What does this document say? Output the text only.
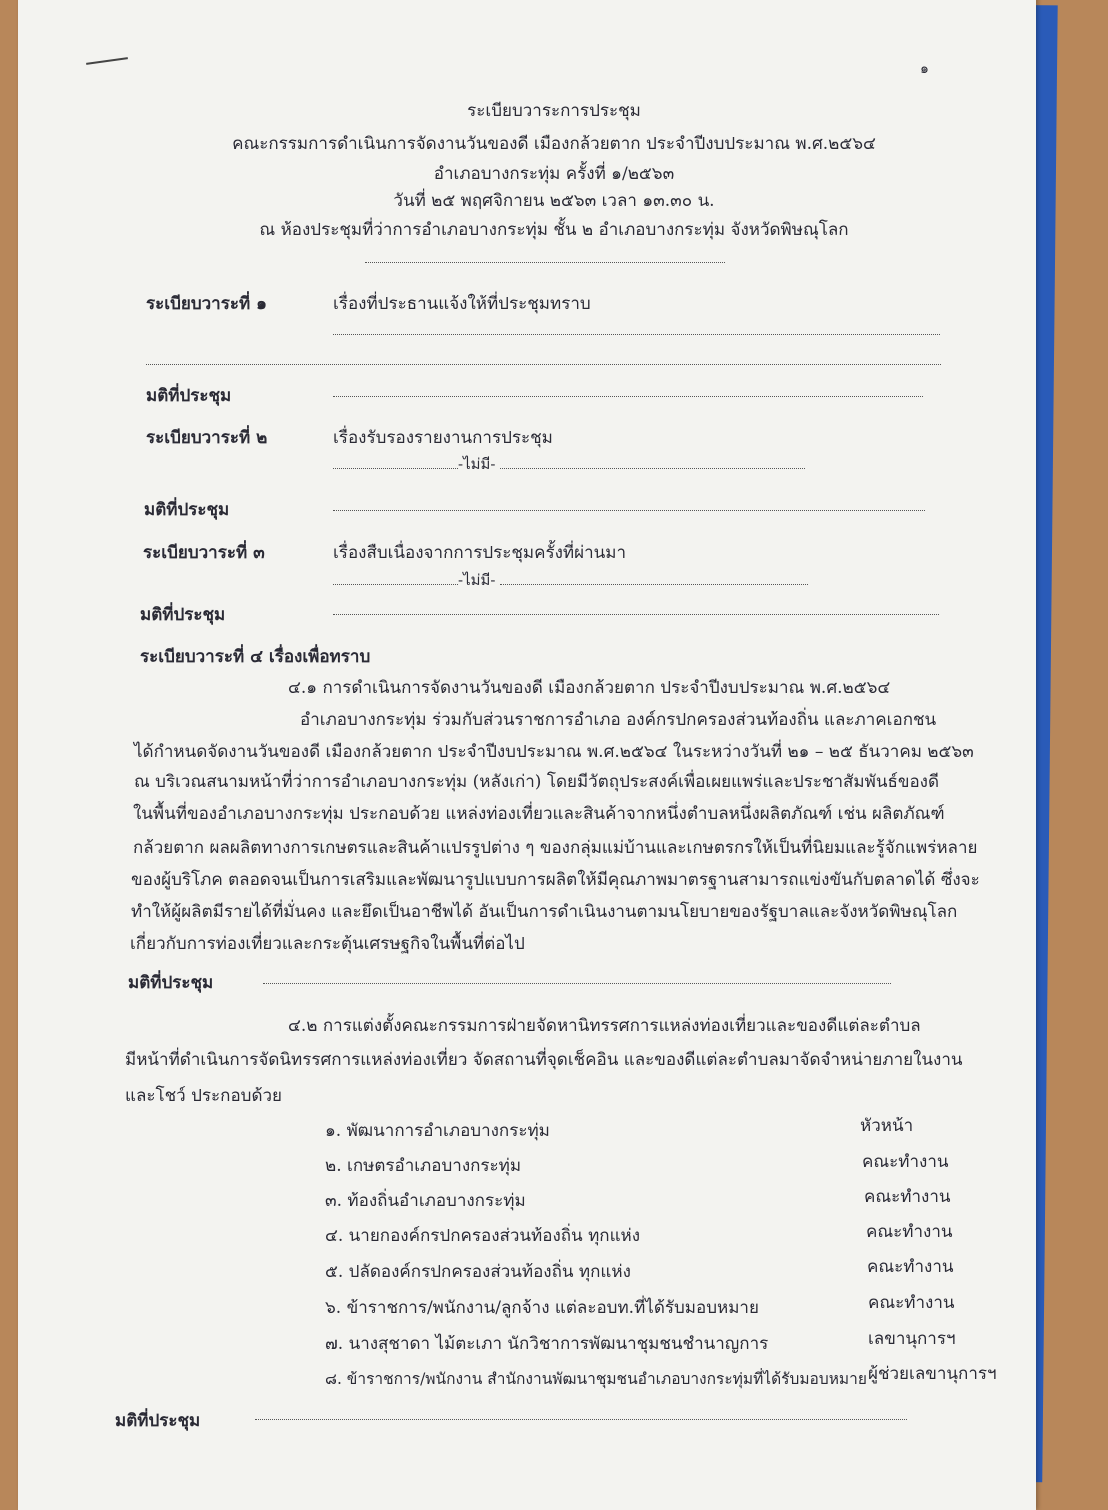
๑
ระเบียบวาระการประชุม
คณะกรรมการดำเนินการจัดงานวันของดี เมืองกล้วยตาก ประจำปีงบประมาณ พ.ศ.๒๕๖๔
อำเภอบางกระทุ่ม ครั้งที่ ๑/๒๕๖๓
วันที่ ๒๕ พฤศจิกายน ๒๕๖๓ เวลา ๑๓.๓๐ น.
ณ ห้องประชุมที่ว่าการอำเภอบางกระทุ่ม ชั้น ๒ อำเภอบางกระทุ่ม จังหวัดพิษณุโลก
ระเบียบวาระที่ ๑	เรื่องที่ประธานแจ้งให้ที่ประชุมทราบ
มติที่ประชุม
ระเบียบวาระที่ ๒	เรื่องรับรองรายงานการประชุม
-ไม่มี-
มติที่ประชุม
ระเบียบวาระที่ ๓	เรื่องสืบเนื่องจากการประชุมครั้งที่ผ่านมา
-ไม่มี-
มติที่ประชุม
ระเบียบวาระที่ ๔ เรื่องเพื่อทราบ
๔.๑ การดำเนินการจัดงานวันของดี เมืองกล้วยตาก ประจำปีงบประมาณ พ.ศ.๒๕๖๔
อำเภอบางกระทุ่ม ร่วมกับส่วนราชการอำเภอ องค์กรปกครองส่วนท้องถิ่น และภาคเอกชน
ได้กำหนดจัดงานวันของดี เมืองกล้วยตาก ประจำปีงบประมาณ พ.ศ.๒๕๖๔ ในระหว่างวันที่ ๒๑ – ๒๕ ธันวาคม ๒๕๖๓
ณ บริเวณสนามหน้าที่ว่าการอำเภอบางกระทุ่ม (หลังเก่า) โดยมีวัตถุประสงค์เพื่อเผยแพร่และประชาสัมพันธ์ของดี
ในพื้นที่ของอำเภอบางกระทุ่ม ประกอบด้วย แหล่งท่องเที่ยวและสินค้าจากหนึ่งตำบลหนึ่งผลิตภัณฑ์ เช่น ผลิตภัณฑ์
กล้วยตาก ผลผลิตทางการเกษตรและสินค้าแปรรูปต่าง ๆ ของกลุ่มแม่บ้านและเกษตรกรให้เป็นที่นิยมและรู้จักแพร่หลาย
ของผู้บริโภค ตลอดจนเป็นการเสริมและพัฒนารูปแบบการผลิตให้มีคุณภาพมาตรฐานสามารถแข่งขันกับตลาดได้ ซึ่งจะ
ทำให้ผู้ผลิตมีรายได้ที่มั่นคง และยึดเป็นอาชีพได้ อันเป็นการดำเนินงานตามนโยบายของรัฐบาลและจังหวัดพิษณุโลก
เกี่ยวกับการท่องเที่ยวและกระตุ้นเศรษฐกิจในพื้นที่ต่อไป
มติที่ประชุม
๔.๒ การแต่งตั้งคณะกรรมการฝ่ายจัดหานิทรรศการแหล่งท่องเที่ยวและของดีแต่ละตำบล
มีหน้าที่ดำเนินการจัดนิทรรศการแหล่งท่องเที่ยว จัดสถานที่จุดเช็คอิน และของดีแต่ละตำบลมาจัดจำหน่ายภายในงาน
และโชว์ ประกอบด้วย
๑. พัฒนาการอำเภอบางกระทุ่ม	หัวหน้า
๒. เกษตรอำเภอบางกระทุ่ม	คณะทำงาน
๓. ท้องถิ่นอำเภอบางกระทุ่ม	คณะทำงาน
๔. นายกองค์กรปกครองส่วนท้องถิ่น ทุกแห่ง	คณะทำงาน
๕. ปลัดองค์กรปกครองส่วนท้องถิ่น ทุกแห่ง	คณะทำงาน
๖. ข้าราชการ/พนักงาน/ลูกจ้าง แต่ละอบท.ที่ได้รับมอบหมาย	คณะทำงาน
๗. นางสุชาดา ไม้ตะเภา นักวิชาการพัฒนาชุมชนชำนาญการ	เลขานุการฯ
๘. ข้าราชการ/พนักงาน สำนักงานพัฒนาชุมชนอำเภอบางกระทุ่มที่ได้รับมอบหมาย ผู้ช่วยเลขานุการฯ
มติที่ประชุม
